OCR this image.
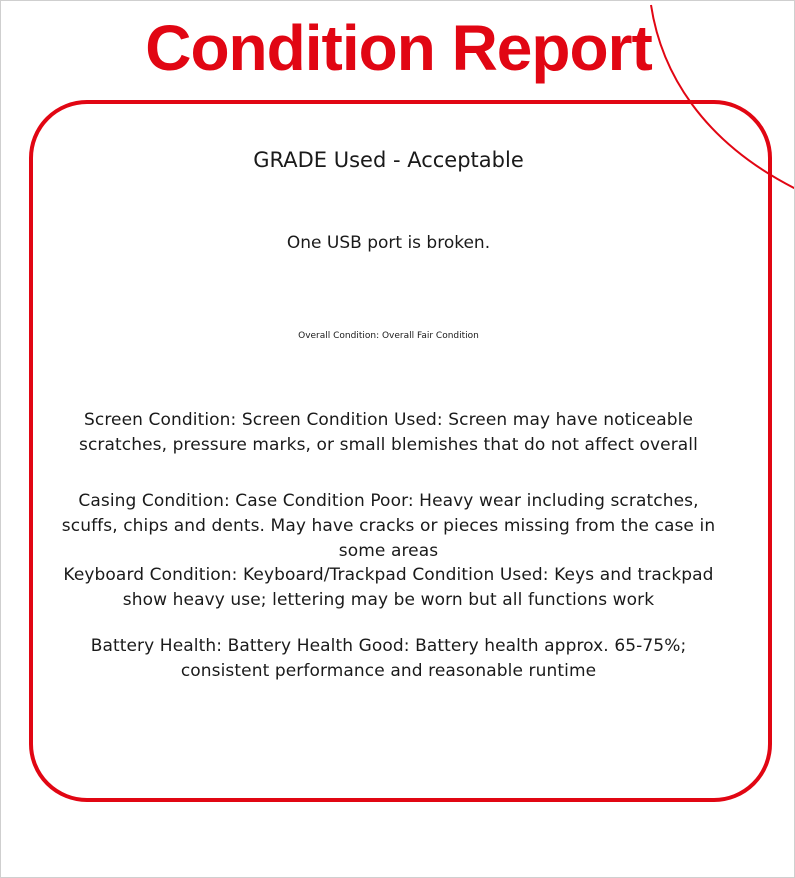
Condition Report
GRADE Used - Acceptable
One USB port is broken.
Overall Condition: Overall Fair Condition
Screen Condition: Screen Condition Used: Screen may have noticeable scratches, pressure marks, or small blemishes that do not affect overall
Casing Condition: Case Condition Poor: Heavy wear including scratches, scuffs, chips and dents. May have cracks or pieces missing from the case in some areas
Keyboard Condition: Keyboard/Trackpad Condition Used: Keys and trackpad show heavy use; lettering may be worn but all functions work
Battery Health: Battery Health Good: Battery health approx. 65-75%; consistent performance and reasonable runtime
